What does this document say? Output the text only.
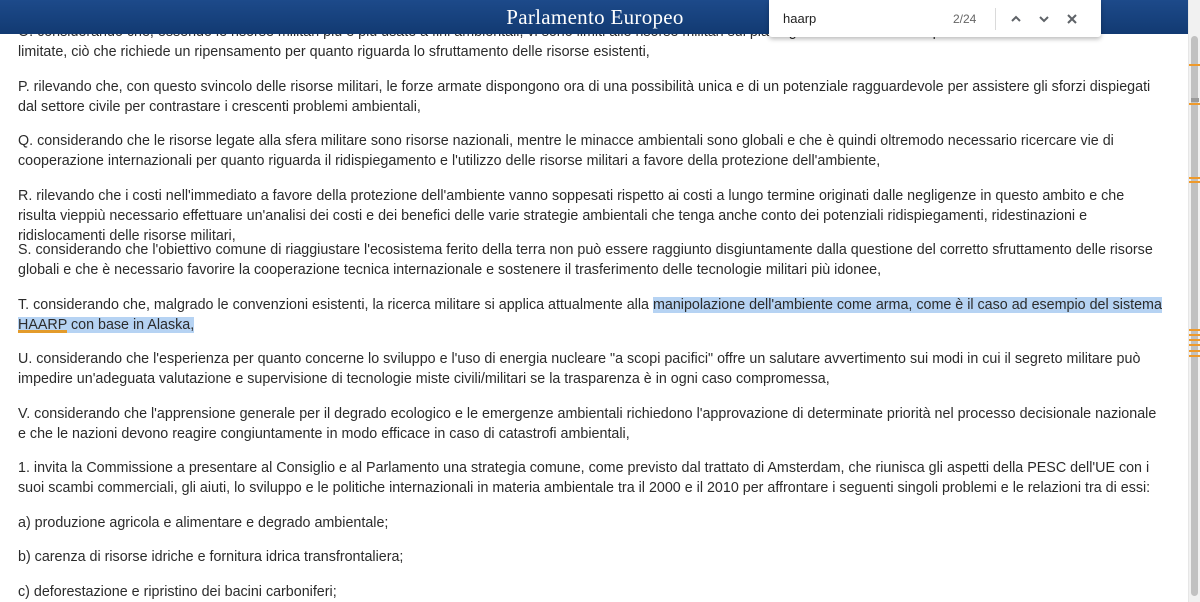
limitate, ciò che richiede un ripensamento per quanto riguarda lo sfruttamento delle risorse esistenti,
P. rilevando che, con questo svincolo delle risorse militari, le forze armate dispongono ora di una possibilità unica e di un potenziale ragguardevole per assistere gli sforzi dispiegati dal settore civile per contrastare i crescenti problemi ambientali,
Q. considerando che le risorse legate alla sfera militare sono risorse nazionali, mentre le minacce ambientali sono globali e che è quindi oltremodo necessario ricercare vie di cooperazione internazionali per quanto riguarda il ridispiegamento e l'utilizzo delle risorse militari a favore della protezione dell'ambiente,
R. rilevando che i costi nell'immediato a favore della protezione dell'ambiente vanno soppesati rispetto ai costi a lungo termine originati dalle negligenze in questo ambito e che risulta vieppiù necessario effettuare un'analisi dei costi e dei benefici delle varie strategie ambientali che tenga anche conto dei potenziali ridispiegamenti, ridestinazioni e ridislocamenti delle risorse militari,
S. considerando che l'obiettivo comune di riaggiustare l'ecosistema ferito della terra non può essere raggiunto disgiuntamente dalla questione del corretto sfruttamento delle risorse globali e che è necessario favorire la cooperazione tecnica internazionale e sostenere il trasferimento delle tecnologie militari più idonee,
T. considerando che, malgrado le convenzioni esistenti, la ricerca militare si applica attualmente alla manipolazione dell'ambiente come arma, come è il caso ad esempio del sistema HAARP con base in Alaska,
U. considerando che l'esperienza per quanto concerne lo sviluppo e l'uso di energia nucleare "a scopi pacifici" offre un salutare avvertimento sui modi in cui il segreto militare può impedire un'adeguata valutazione e supervisione di tecnologie miste civili/militari se la trasparenza è in ogni caso compromessa,
V. considerando che l'apprensione generale per il degrado ecologico e le emergenze ambientali richiedono l'approvazione di determinate priorità nel processo decisionale nazionale e che le nazioni devono reagire congiuntamente in modo efficace in caso di catastrofi ambientali,
1. invita la Commissione a presentare al Consiglio e al Parlamento una strategia comune, come previsto dal trattato di Amsterdam, che riunisca gli aspetti della PESC dell'UE con i suoi scambi commerciali, gli aiuti, lo sviluppo e le politiche internazionali in materia ambientale tra il 2000 e il 2010 per affrontare i seguenti singoli problemi e le relazioni tra di essi:
a) produzione agricola e alimentare e degrado ambientale;
b) carenza di risorse idriche e fornitura idrica transfrontaliera;
c) deforestazione e ripristino dei bacini carboniferi;
Parlamento Europeo
haarp	2/24
